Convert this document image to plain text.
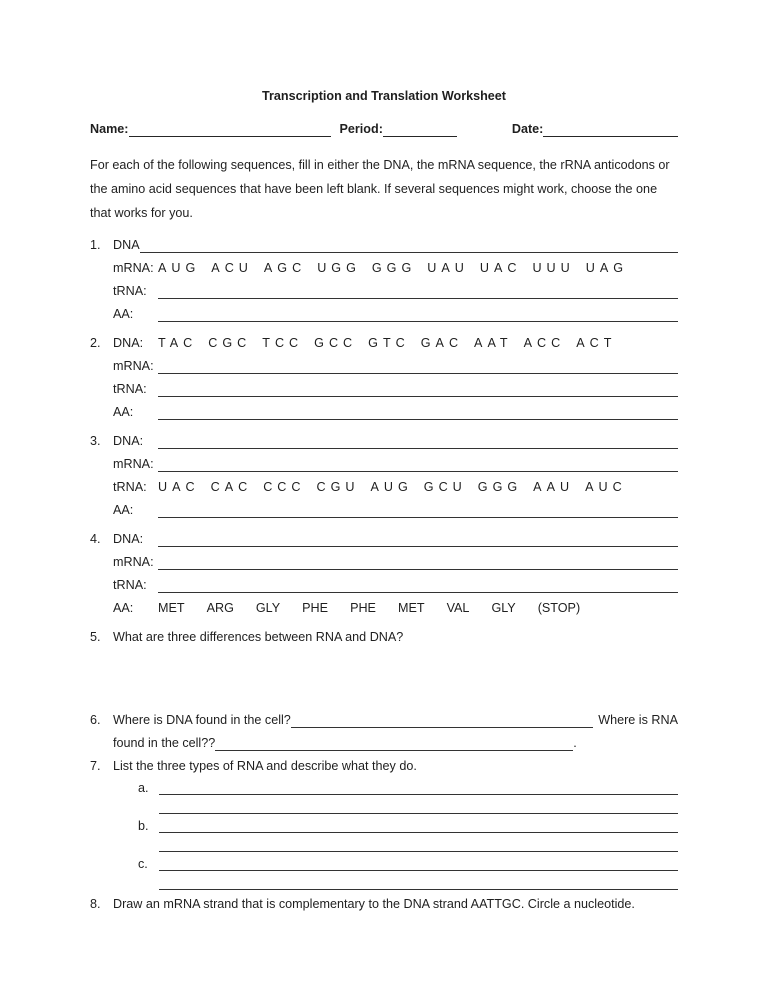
Transcription and Translation Worksheet
Name:	Period:	Date:

For each of the following sequences, fill in either the DNA, the mRNA sequence, the rRNA anticodons or the amino acid sequences that have been left blank. If several sequences might work, choose the one that works for you.

1. DNA
mRNA: AUG ACU AGC UGG GGG UAU UAC UUU UAG
tRNA:
AA:
2. DNA:	TAC CGC TCC GCC GTC GAC AAT ACC ACT
mRNA:
tRNA:
AA:
3. DNA:
mRNA:
tRNA: UAC CAC CCC CGU AUG GCU GGG AAU AUC
AA:
4. DNA:
mRNA:
tRNA:
AA:	MET ARG GLY PHE PHE MET VAL GLY (STOP)
5. What are three differences between RNA and DNA?
6. Where is DNA found in the cell?	Where is RNA
found in the cell??	.
7. List the three types of RNA and describe what they do.
a.
b.
c.
8. Draw an mRNA strand that is complementary to the DNA strand AATTGC. Circle a nucleotide.
